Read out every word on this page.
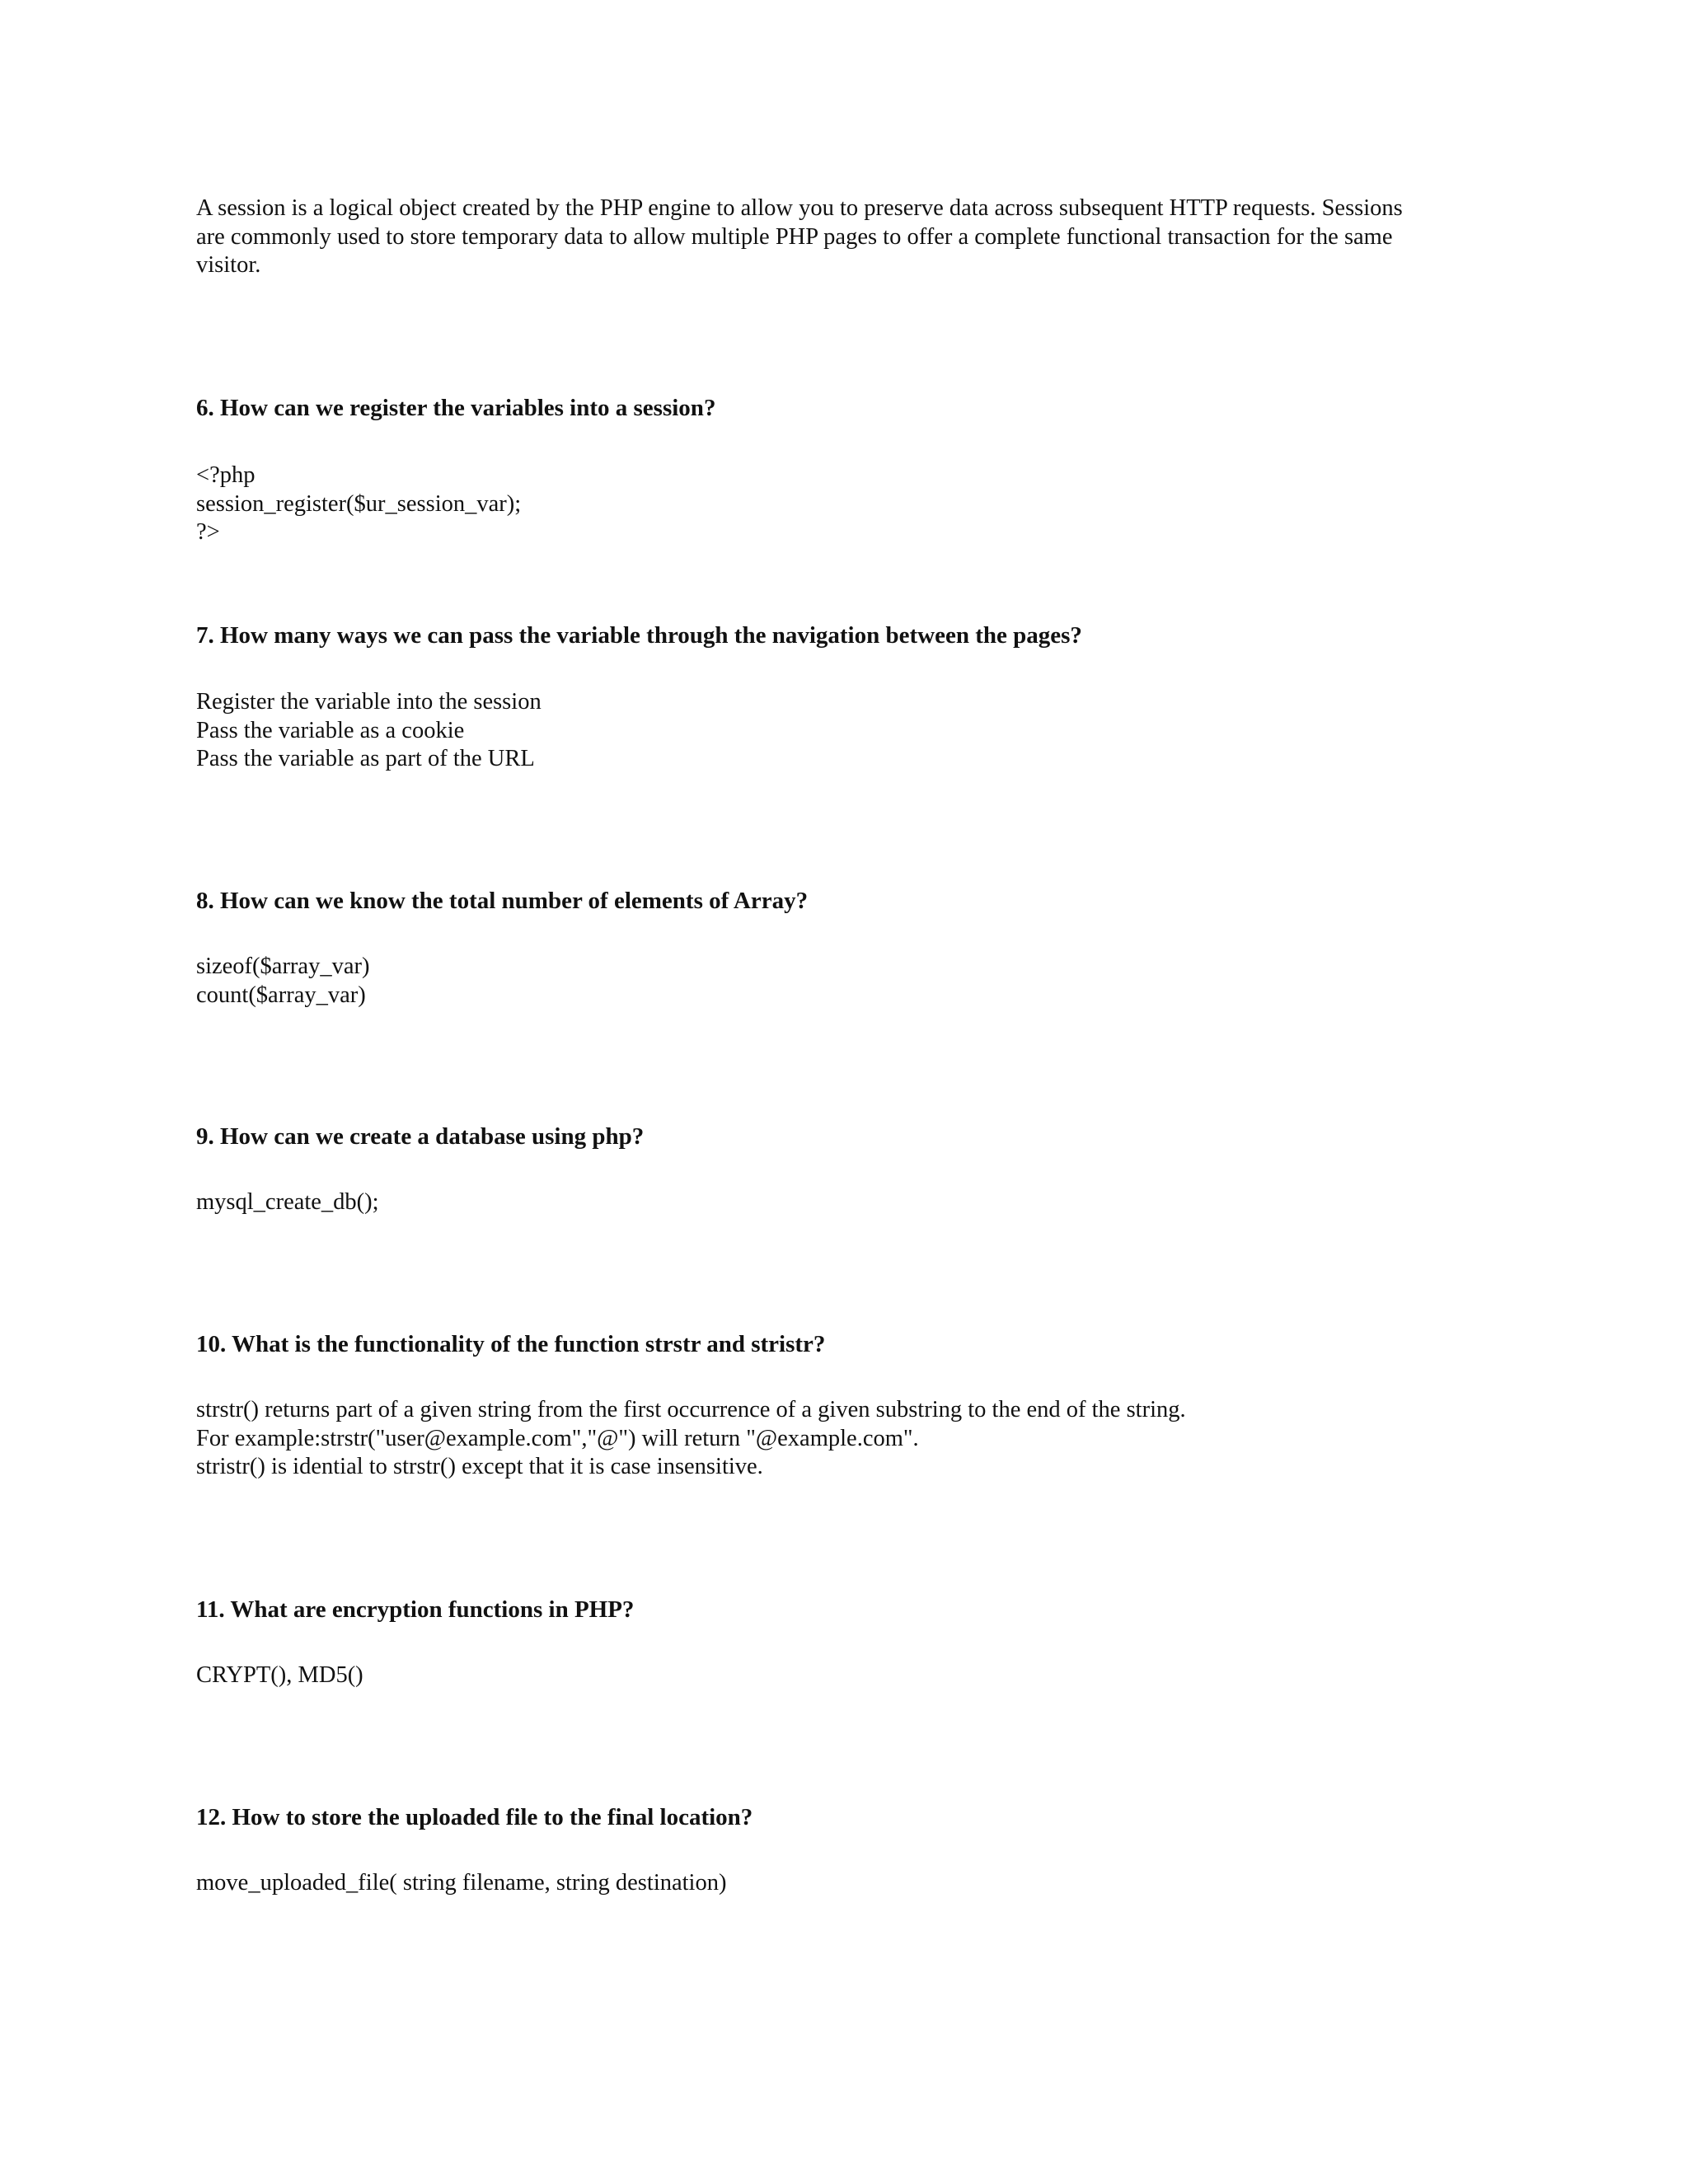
A session is a logical object created by the PHP engine to allow you to preserve data across subsequent HTTP requests. Sessions
are commonly used to store temporary data to allow multiple PHP pages to offer a complete functional transaction for the same
visitor.

6. How can we register the variables into a session?

<?php
session_register($ur_session_var);
?>

7. How many ways we can pass the variable through the navigation between the pages?

Register the variable into the session
Pass the variable as a cookie
Pass the variable as part of the URL

8. How can we know the total number of elements of Array?

sizeof($array_var)
count($array_var)

9. How can we create a database using php?

mysql_create_db();

10. What is the functionality of the function strstr and stristr?

strstr() returns part of a given string from the first occurrence of a given substring to the end of the string.
For example:strstr("user@example.com","@") will return "@example.com".
stristr() is idential to strstr() except that it is case insensitive.

11. What are encryption functions in PHP?

CRYPT(), MD5()

12. How to store the uploaded file to the final location?

move_uploaded_file( string filename, string destination)
